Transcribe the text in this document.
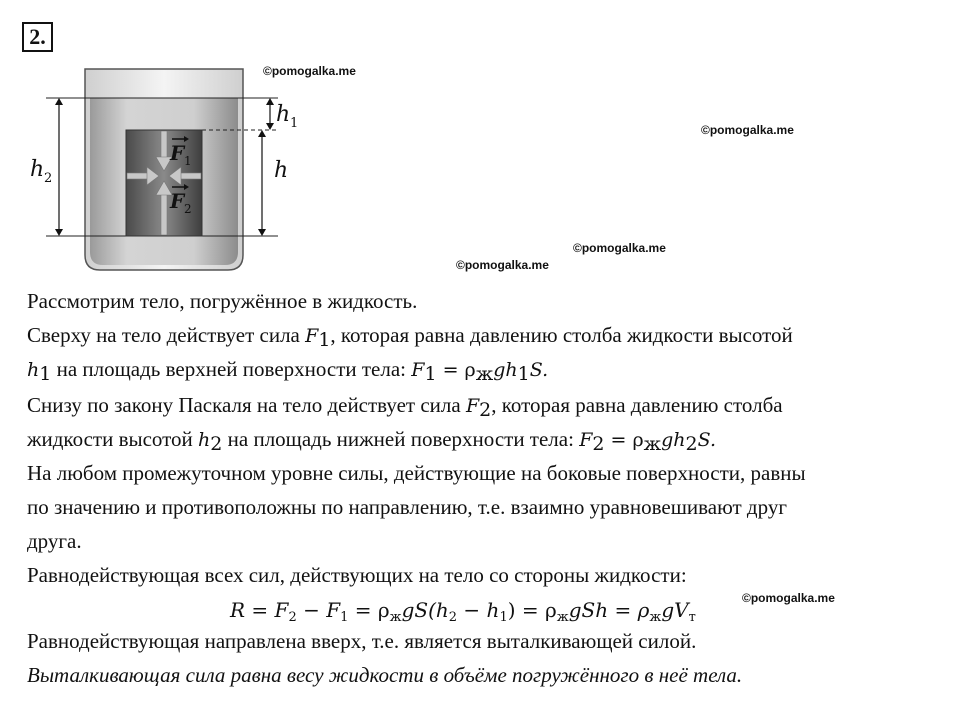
2.
F 1
F 2
h 2
h 1
h
©pomogalka.me
©pomogalka.me
©pomogalka.me
©pomogalka.me
©pomogalka.me
Рассмотрим тело, погружённое в жидкость.
Сверху на тело действует сила $F_1$, которая равна давлению столба жидкости высотой
$h_1$ на площадь верхней поверхности тела: $F_1 = \rho_жgh_1S$.
Снизу по закону Паскаля на тело действует сила $F_2$, которая равна давлению столба
жидкости высотой $h_2$ на площадь нижней поверхности тела: $F_2 = \rho_жgh_2S$.
На любом промежуточном уровне силы, действующие на боковые поверхности, равны
по значению и противоположны по направлению, т.е. взаимно уравновешивают друг
друга.
Равнодействующая всех сил, действующих на тело со стороны жидкости:
$R = F_2 - F_1 = \rho_жgS(h_2 - h_1) = \rho_жgSh = \rho_жgV_т$
Равнодействующая направлена вверх, т.е. является выталкивающей силой.
Выталкивающая сила равна весу жидкости в объёме погружённого в неё тела.
